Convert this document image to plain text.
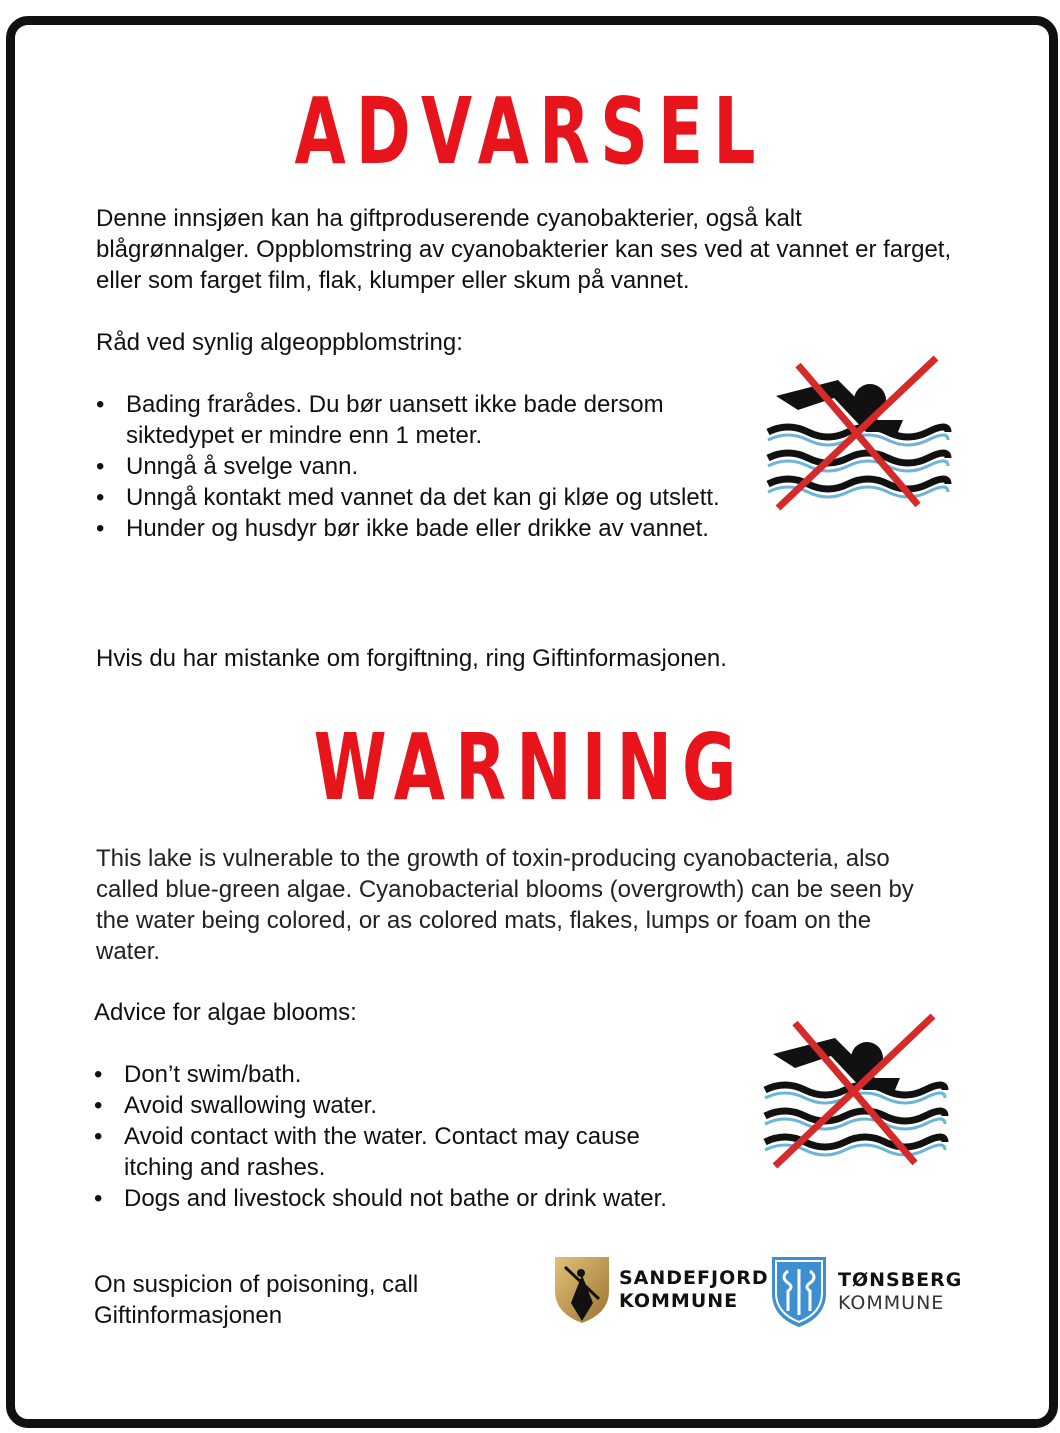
ADVARSEL

Denne innsjøen kan ha giftproduserende cyanobakterier, også kalt blågrønnalger. Oppblomstring av cyanobakterier kan ses ved at vannet er farget, eller som farget film, flak, klumper eller skum på vannet.

Råd ved synlig algeoppblomstring:

• Bading frarådes. Du bør uansett ikke bade dersom siktedypet er mindre enn 1 meter.
• Unngå å svelge vann.
• Unngå kontakt med vannet da det kan gi kløe og utslett.
• Hunder og husdyr bør ikke bade eller drikke av vannet.

Hvis du har mistanke om forgiftning, ring Giftinformasjonen.

WARNING

This lake is vulnerable to the growth of toxin-producing cyanobacteria, also called blue-green algae. Cyanobacterial blooms (overgrowth) can be seen by the water being colored, or as colored mats, flakes, lumps or foam on the water.

Advice for algae blooms:

• Don’t swim/bath.
• Avoid swallowing water.
• Avoid contact with the water. Contact may cause itching and rashes.
• Dogs and livestock should not bathe or drink water.

On suspicion of poisoning, call Giftinformasjonen

SANDEFJORD
KOMMUNE
TØNSBERG
KOMMUNE
